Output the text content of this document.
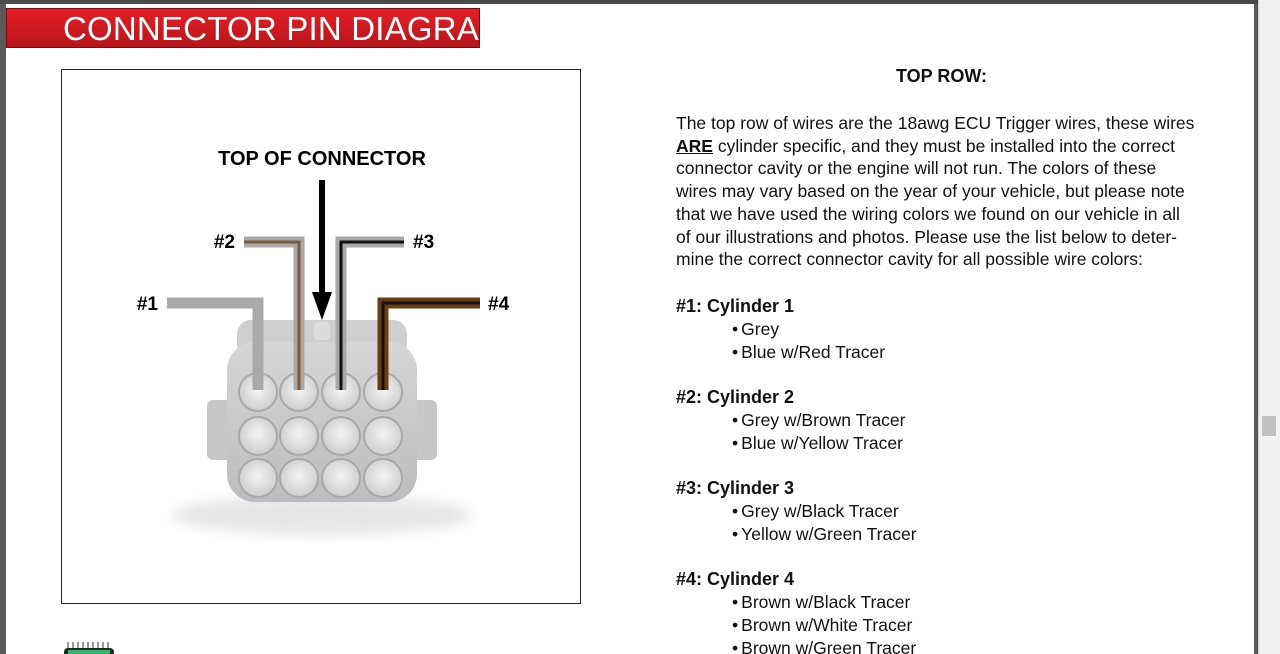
CONNECTOR PIN DIAGRAM
TOP OF CONNECTOR
#1
#2	#3
#4
TOP ROW:
The top row of wires are the 18awg ECU Trigger wires, these wires ARE cylinder specific, and they must be installed into the correct connector cavity or the engine will not run. The colors of these wires may vary based on the year of your vehicle, but please note that we have used the wiring colors we found on our vehicle in all of our illustrations and photos. Please use the list below to deter-mine the correct connector cavity for all possible wire colors:
#1: Cylinder 1
• Grey
• Blue w/Red Tracer
#2: Cylinder 2
• Grey w/Brown Tracer
• Blue w/Yellow Tracer
#3: Cylinder 3
• Grey w/Black Tracer
• Yellow w/Green Tracer
#4: Cylinder 4
• Brown w/Black Tracer
• Brown w/White Tracer
• Brown w/Green Tracer
